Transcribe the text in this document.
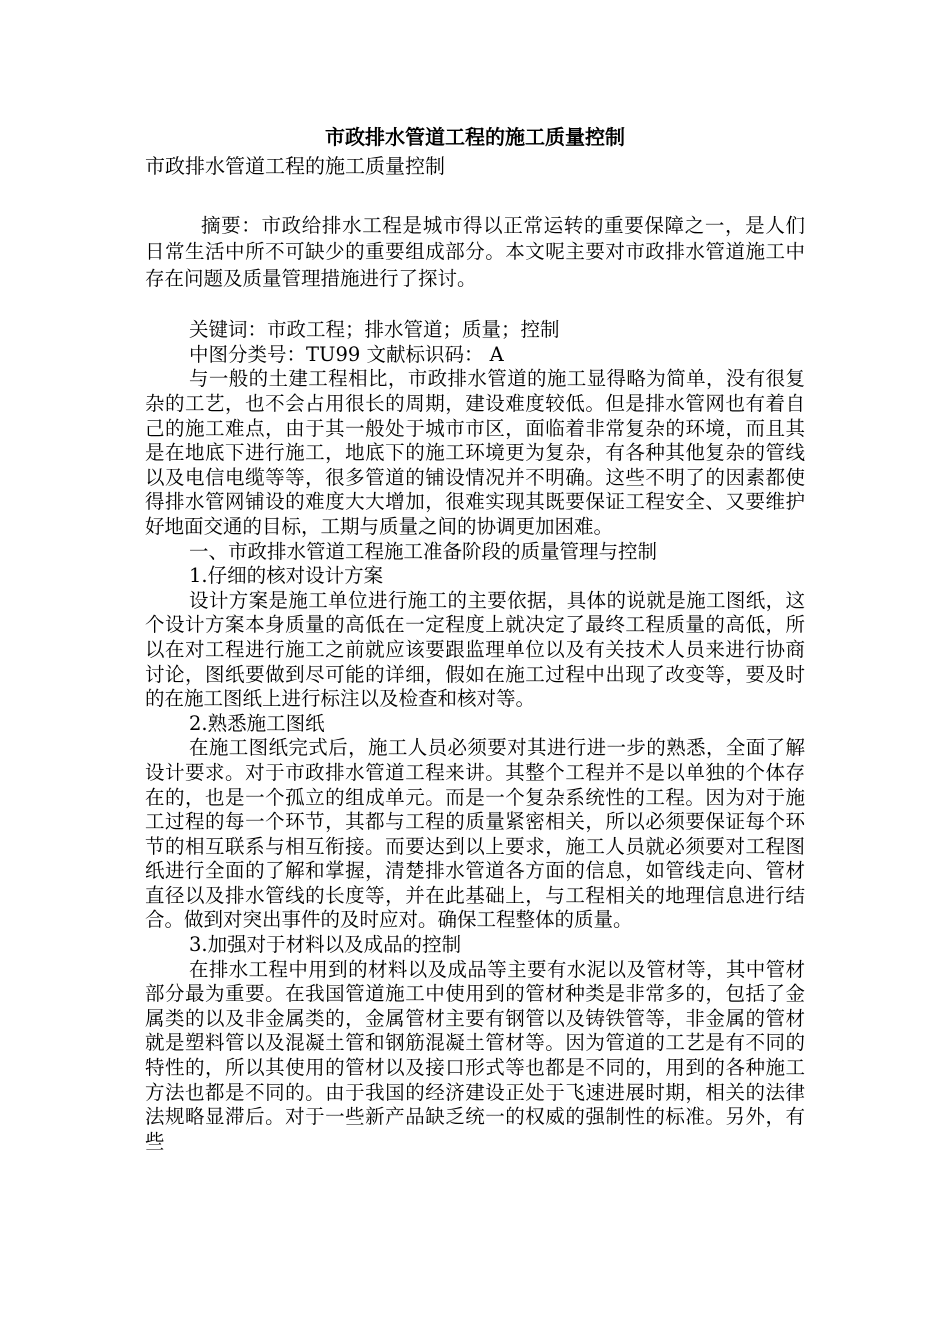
市政排水管道工程的施工质量控制
市政排水管道工程的施工质量控制

摘要：市政给排水工程是城市得以正常运转的重要保障之一，是人们日常生活中所不可缺少的重要组成部分。本文呢主要对市政排水管道施工中存在问题及质量管理措施进行了探讨。

关键词：市政工程；排水管道；质量；控制

中图分类号：TU99 文献标识码： A

与一般的土建工程相比，市政排水管道的施工显得略为简单，没有很复杂的工艺，也不会占用很长的周期，建设难度较低。但是排水管网也有着自己的施工难点，由于其一般处于城市市区，面临着非常复杂的环境，而且其是在地底下进行施工，地底下的施工环境更为复杂，有各种其他复杂的管线以及电信电缆等等，很多管道的铺设情况并不明确。这些不明了的因素都使得排水管网铺设的难度大大增加，很难实现其既要保证工程安全、又要维护好地面交通的目标，工期与质量之间的协调更加困难。

一、市政排水管道工程施工准备阶段的质量管理与控制

1.仔细的核对设计方案

设计方案是施工单位进行施工的主要依据，具体的说就是施工图纸，这个设计方案本身质量的高低在一定程度上就决定了最终工程质量的高低，所以在对工程进行施工之前就应该要跟监理单位以及有关技术人员来进行协商讨论，图纸要做到尽可能的详细，假如在施工过程中出现了改变等，要及时的在施工图纸上进行标注以及检查和核对等。

2.熟悉施工图纸

在施工图纸完式后，施工人员必须要对其进行进一步的熟悉，全面了解设计要求。对于市政排水管道工程来讲。其整个工程并不是以单独的个体存在的，也是一个孤立的组成单元。而是一个复杂系统性的工程。因为对于施工过程的每一个环节，其都与工程的质量紧密相关，所以必须要保证每个环节的相互联系与相互衔接。而要达到以上要求，施工人员就必须要对工程图纸进行全面的了解和掌握，清楚排水管道各方面的信息，如管线走向、管材直径以及排水管线的长度等，并在此基础上，与工程相关的地理信息进行结合。做到对突出事件的及时应对。确保工程整体的质量。

3.加强对于材料以及成品的控制

在排水工程中用到的材料以及成品等主要有水泥以及管材等，其中管材部分最为重要。在我国管道施工中使用到的管材种类是非常多的，包括了金属类的以及非金属类的，金属管材主要有钢管以及铸铁管等，非金属的管材就是塑料管以及混凝土管和钢筋混凝土管材等。因为管道的工艺是有不同的特性的，所以其使用的管材以及接口形式等也都是不同的，用到的各种施工方法也都是不同的。由于我国的经济建设正处于飞速进展时期，相关的法律法规略显滞后。对于一些新产品缺乏统一的权威的强制性的标准。另外，有些
